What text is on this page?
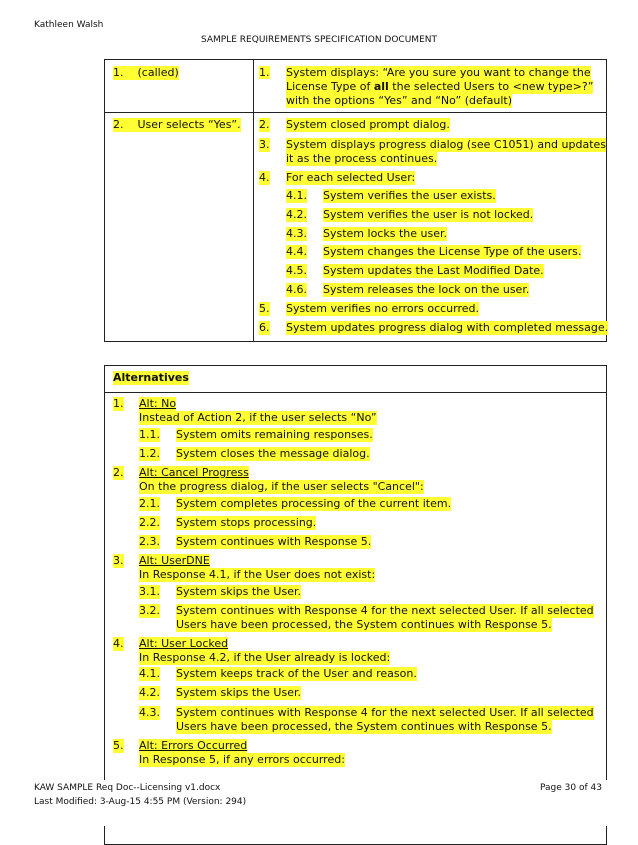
Kathleen Walsh
SAMPLE REQUIREMENTS SPECIFICATION DOCUMENT
1. (called)	1. System displays: “Are you sure you want to change the
License Type of all the selected Users to <new type>?”
with the options “Yes” and “No” (default)
2. User selects “Yes”. 2. System closed prompt dialog.
3. System displays progress dialog (see C1051) and updates
it as the process continues.
4. For each selected User:
4.1. System verifies the user exists.
4.2. System verifies the user is not locked.
4.3. System locks the user.
4.4. System changes the License Type of the users.
4.5. System updates the Last Modified Date.
4.6. System releases the lock on the user.
5. System verifies no errors occurred.
6. System updates progress dialog with completed message.
Alternatives
1. Alt: No
Instead of Action 2, if the user selects “No”
1.1. System omits remaining responses.
1.2. System closes the message dialog.
2. Alt: Cancel Progress
On the progress dialog, if the user selects "Cancel":
2.1. System completes processing of the current item.
2.2. System stops processing.
2.3. System continues with Response 5.
3. Alt: UserDNE
In Response 4.1, if the User does not exist:
3.1. System skips the User.
3.2. System continues with Response 4 for the next selected User. If all selected
Users have been processed, the System continues with Response 5.
4. Alt: User Locked
In Response 4.2, if the User already is locked:
4.1. System keeps track of the User and reason.
4.2. System skips the User.
4.3. System continues with Response 4 for the next selected User. If all selected
Users have been processed, the System continues with Response 5.
5. Alt: Errors Occurred
In Response 5, if any errors occurred:
KAW SAMPLE Req Doc--Licensing v1.docx
Last Modified: 3-Aug-15 4:55 PM (Version: 294)
Page 30 of 43
